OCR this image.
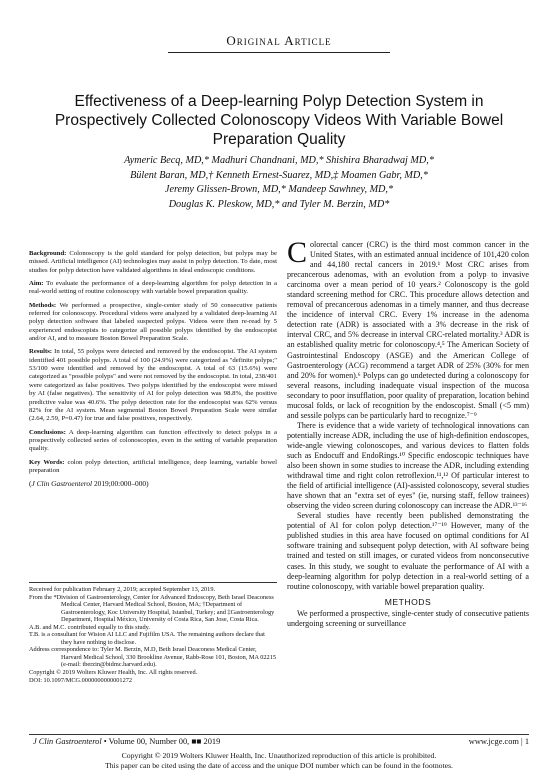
Original Article
Effectiveness of a Deep-learning Polyp Detection System in Prospectively Collected Colonoscopy Videos With Variable Bowel Preparation Quality
Aymeric Becq, MD,* Madhuri Chandnani, MD,* Shishira Bharadwaj MD,*
Bülent Baran, MD,† Kenneth Ernest-Suarez, MD,‡ Moamen Gabr, MD,*
Jeremy Glissen-Brown, MD,* Mandeep Sawhney, MD,*
Douglas K. Pleskow, MD,* and Tyler M. Berzin, MD*

Background: Colonoscopy is the gold standard for polyp detection, but polyps may be missed. Artificial intelligence (AI) technologies may assist in polyp detection. To date, most studies for polyp detection have validated algorithms in ideal endoscopic conditions.

Aim: To evaluate the performance of a deep-learning algorithm for polyp detection in a real-world setting of routine colonoscopy with variable bowel preparation quality.

Methods: We performed a prospective, single-center study of 50 consecutive patients referred for colonoscopy. Procedural videos were analyzed by a validated deep-learning AI polyp detection software that labeled suspected polyps. Videos were then re-read by 5 experienced endoscopists to categorize all possible polyps identified by the endoscopist and/or AI, and to measure Boston Bowel Preparation Scale.

Results: In total, 55 polyps were detected and removed by the endoscopist. The AI system identified 401 possible polyps. A total of 100 (24.9%) were categorized as "definite polyps;" 53/100 were identified and removed by the endoscopist. A total of 63 (15.6%) were categorized as "possible polyps" and were not removed by the endoscopist. In total, 238/401 were categorized as false positives. Two polyps identified by the endoscopist were missed by AI (false negatives). The sensitivity of AI for polyp detection was 98.8%, the positive predictive value was 40.6%. The polyp detection rate for the endoscopist was 62% versus 82% for the AI system. Mean segmental Boston Bowel Preparation Scale were similar (2.64, 2.59, P=0.47) for true and false positives, respectively.

Conclusions: A deep-learning algorithm can function effectively to detect polyps in a prospectively collected series of colonoscopies, even in the setting of variable preparation quality.

Key Words: colon polyp detection, artificial intelligence, deep learning, variable bowel preparation

(J Clin Gastroenterol 2019;00:000–000)
Received for publication February 2, 2019; accepted September 13, 2019.
From the *Division of Gastroenterology, Center for Advanced Endoscopy, Beth Israel Deaconess Medical Center, Harvard Medical School, Boston, MA; †Department of Gastroenterology, Koc University Hospital, Istanbul, Turkey; and ‡Gastroenterology Department, Hospital México, University of Costa Rica, San Jose, Costa Rica.
A.B. and M.C. contributed equally to this study.
T.B. is a consultant for Wision AI LLC and Fujifilm USA. The remaining authors declare that they have nothing to disclose.
Address correspondence to: Tyler M. Berzin, M.D, Beth Israel Deaconess Medical Center, Harvard Medical School, 330 Brookline Avenue, Rabb-Rose 101, Boston, MA 02215 (e-mail: tberzin@bidmc.harvard.edu).
Copyright © 2019 Wolters Kluwer Health, Inc. All rights reserved.
DOI: 10.1097/MCG.0000000000001272

Colorectal cancer (CRC) is the third most common cancer in the United States, with an estimated annual incidence of 101,420 colon and 44,180 rectal cancers in 2019.¹ Most CRC arises from precancerous adenomas, with an evolution from a polyp to invasive carcinoma over a mean period of 10 years.² Colonoscopy is the gold standard screening method for CRC. This procedure allows detection and removal of precancerous adenomas in a timely manner, and thus decrease the incidence of interval CRC. Every 1% increase in the adenoma detection rate (ADR) is associated with a 3% decrease in the risk of interval CRC, and 5% decrease in interval CRC-related mortality.³ ADR is an established quality metric for colonoscopy.⁴,⁵ The American Society of Gastrointestinal Endoscopy (ASGE) and the American College of Gastroenterology (ACG) recommend a target ADR of 25% (30% for men and 20% for women).⁶ Polyps can go undetected during a colonoscopy for several reasons, including inadequate visual inspection of the mucosa secondary to poor insufflation, poor quality of preparation, location behind mucosal folds, or lack of recognition by the endoscopist. Small (<5 mm) and sessile polyps can be particularly hard to recognize.⁷⁻⁹

There is evidence that a wide variety of technological innovations can potentially increase ADR, including the use of high-definition endoscopes, wide-angle viewing colonoscopes, and various devices to flatten folds such as Endocuff and EndoRings.¹⁰ Specific endoscopic techniques have also been shown in some studies to increase the ADR, including extending withdrawal time and right colon retroflexion.¹¹,¹² Of particular interest to the field of artificial intelligence (AI)-assisted colonoscopy, several studies have shown that an "extra set of eyes" (ie, nursing staff, fellow trainees) observing the video screen during colonoscopy can increase the ADR.¹³⁻¹⁶

Several studies have recently been published demonstrating the potential of AI for colon polyp detection.¹⁷⁻¹⁹ However, many of the published studies in this area have focused on optimal conditions for AI software training and subsequent polyp detection, with AI software being trained and tested on still images, or curated videos from nonconsecutive cases. In this study, we sought to evaluate the performance of AI with a deep-learning algorithm for polyp detection in a real-world setting of a routine colonoscopy, with variable bowel preparation quality.

METHODS

We performed a prospective, single-center study of consecutive patients undergoing screening or surveillance

J Clin Gastroenterol • Volume 00, Number 00, ■■ 2019	www.jcge.com | 1
Copyright © 2019 Wolters Kluwer Health, Inc. Unauthorized reproduction of this article is prohibited.
This paper can be cited using the date of access and the unique DOI number which can be found in the footnotes.
